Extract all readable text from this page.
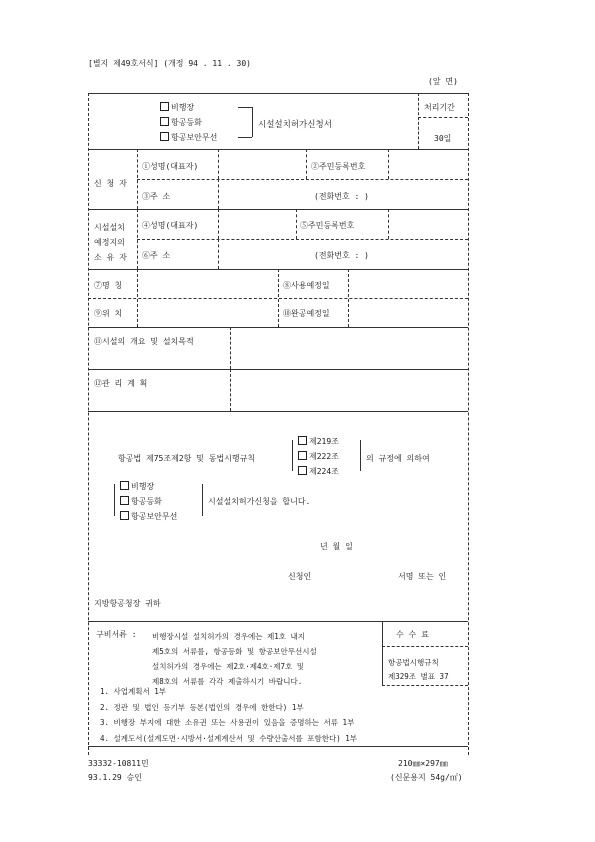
[별지 제49호서식] (개정 94 . 11 . 30)
(앞 면)
비행장
항공등화
항공보안무선
시설설치허가신청서
처리기간
30일
신 청 자
①성명(대표자)	②주민등록번호
③주 소	(전화번호 : )
시설설치
예정지의
소 유 자
④성명(대표자)	⑤주민등록번호
⑥주 소	(전화번호 : )
⑦명 칭	⑧사용예정일
⑨위 치	⑩완공예정일
⑪시설의 개요 및 설치목적
⑫관 리 계 획
항공법 제75조제2항 및 동법시행규칙
제219조
제222조
제224조
의 규정에 의하여
비행장
항공등화
항공보안무선
시설설치허가신청을 합니다.
년 월 일
신청인	서명 또는 인
지방항공청장 귀하
구비서류 : 비행장시설 설치허가의 경우에는 제1호 내지
제5호의 서류를, 항공등화 및 항공보안무선시설
설치허가의 경우에는 제2호·제4호·제7호 및
제8호의 서류를 각각 제출하시기 바랍니다.
수 수 료
항공법시행규칙
제329조 별표 37
1. 사업계획서 1부
2. 정관 및 법인 등기부 등본(법인의 경우에 한한다) 1부
3. 비행장 부지에 대한 소유권 또는 사용권이 있음을 증명하는 서류 1부
4. 설계도서(설계도면·시방서·설계계산서 및 수량산출서를 포함한다) 1부
33332-10811민
93.1.29 승인
210㎜×297㎜
(신문용지 54g/㎡)
